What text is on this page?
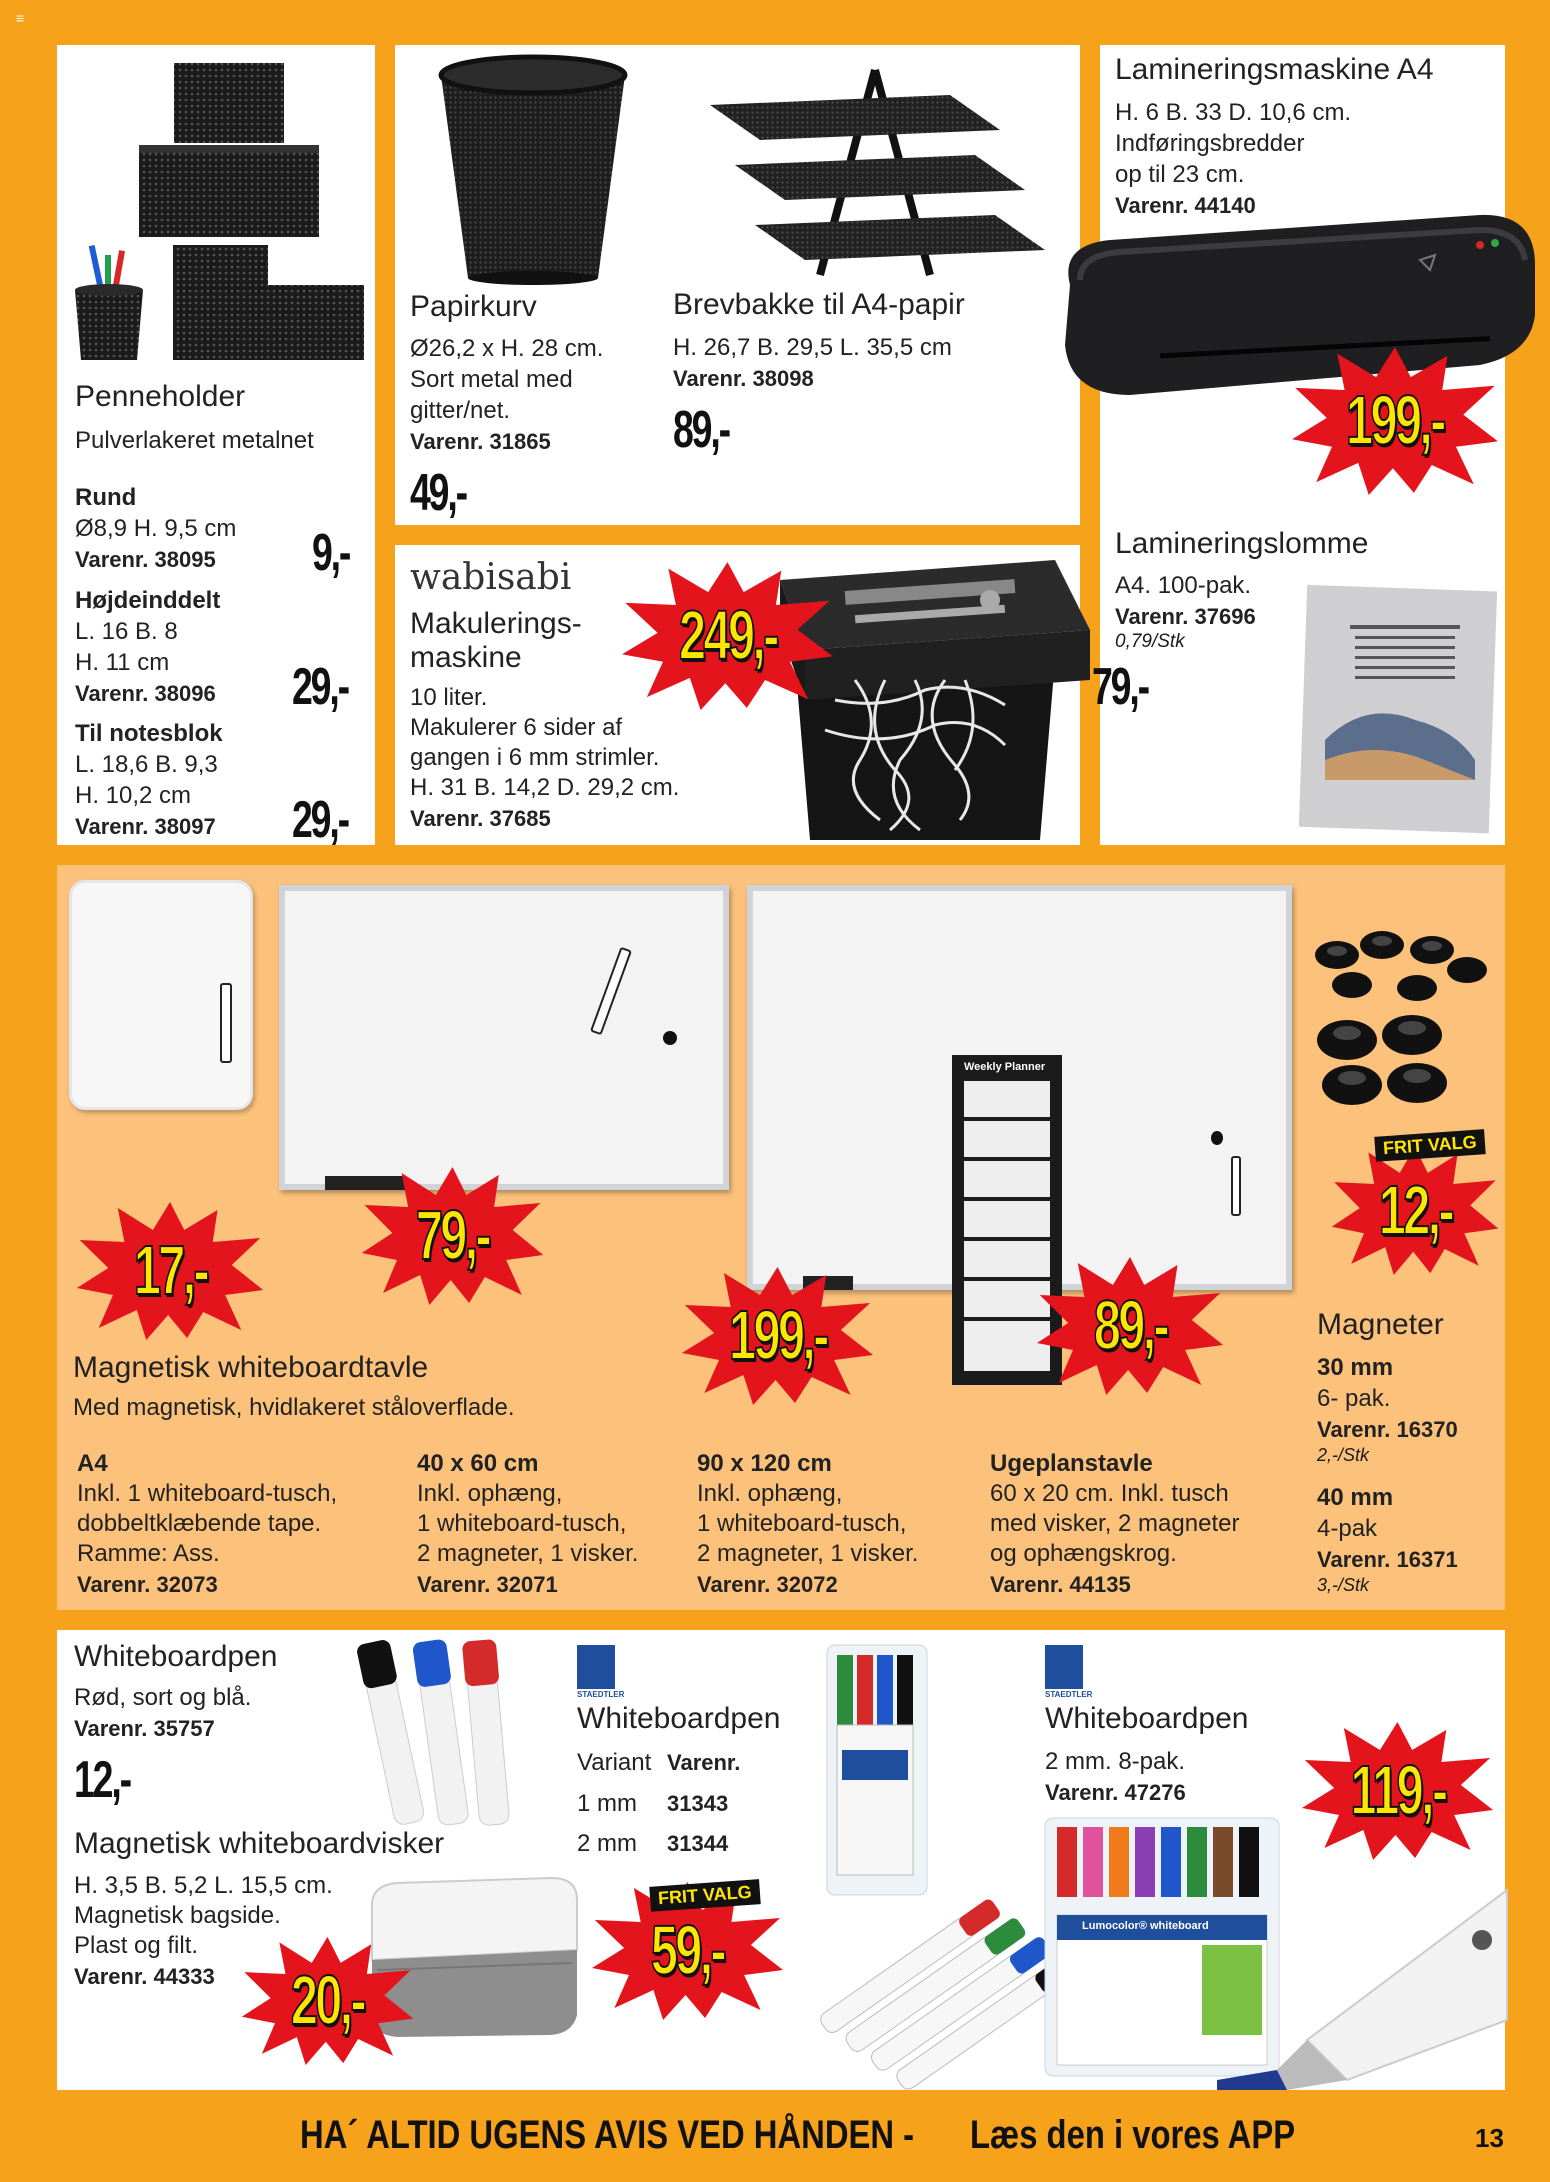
≡
Penneholder
Pulverlakeret metalnet
Rund
Ø8,9 H. 9,5 cm
Varenr. 38095 9,-
Højdeinddelt
L. 16 B. 8
H. 11 cm
Varenr. 38096 29,-
Til notesblok
L. 18,6 B. 9,3
H. 10,2 cm
Varenr. 38097 29,-
Papirkurv
Ø26,2 x H. 28 cm.
Sort metal med
gitter/net.
Varenr. 31865
49,-
Brevbakke til A4-papir
H. 26,7 B. 29,5 L. 35,5 cm
Varenr. 38098
89,-
wabisabi
Makulerings-
maskine
10 liter.
Makulerer 6 sider af
gangen i 6 mm strimler.
H. 31 B. 14,2 D. 29,2 cm.
Varenr. 37685
Lamineringsmaskine A4
H. 6 B. 33 D. 10,6 cm.
Indføringsbredder
op til 23 cm.
Varenr. 44140
Lamineringslomme
A4. 100-pak.
Varenr. 37696
0,79/Stk
79,-
Weekly Planner
Magnetisk whiteboardtavle
Med magnetisk, hvidlakeret ståloverflade.
A4
Inkl. 1 whiteboard-tusch,
dobbeltklæbende tape.
Ramme: Ass.
Varenr. 32073
40 x 60 cm
Inkl. ophæng,
1 whiteboard-tusch,
2 magneter, 1 visker.
Varenr. 32071
90 x 120 cm
Inkl. ophæng,
1 whiteboard-tusch,
2 magneter, 1 visker.
Varenr. 32072
Ugeplanstavle
60 x 20 cm. Inkl. tusch
med visker, 2 magneter
og ophængskrog.
Varenr. 44135
Magneter
30 mm
6- pak.
Varenr. 16370
2,-/Stk
40 mm
4-pak
Varenr. 16371
3,-/Stk
Whiteboardpen
Rød, sort og blå.
Varenr. 35757
12,-
Magnetisk whiteboardvisker
H. 3,5 B. 5,2 L. 15,5 cm.
Magnetisk bagside.
Plast og filt.
Varenr. 44333
STAEDTLER
Whiteboardpen
Variant Varenr.
1 mm 31343
2 mm 31344
STAEDTLER
Whiteboardpen
2 mm. 8-pak.
Varenr. 47276
Lumocolor® whiteboard
199,-
249,-
17,-	79,-
199,-	89,-
12,-
FRIT VALG
119,-
59,-
FRIT VALG
20,-
HA´ ALTID UGENS AVIS VED HÅNDEN - Læs den i vores APP	13
